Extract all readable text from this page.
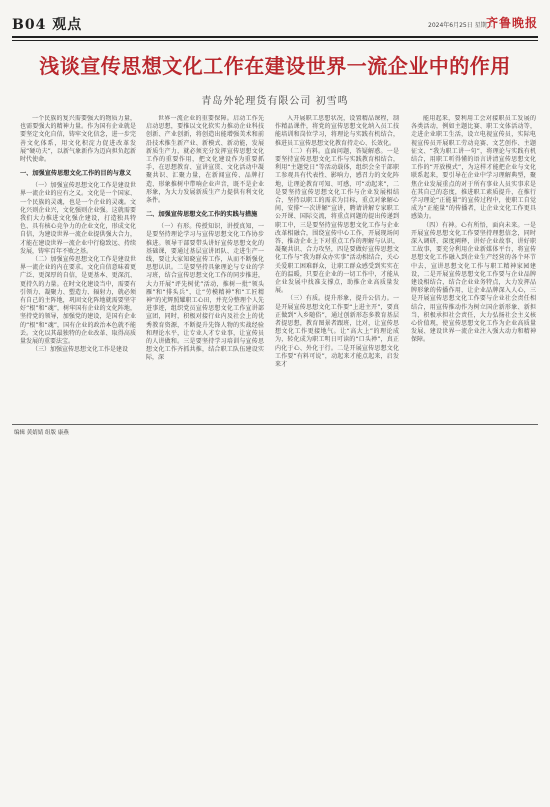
B04 观点	2024年6月25日 星期二
齐鲁晚报
浅谈宣传思想文化工作在建设世界一流企业中的作用
青岛外轮理货有限公司 初雪鸣

一个民族的复兴需要强大的物质力量，也需要强大的精神力量。作为国有企业就是要坚定文化自信，铸牢文化信念，进一步完善文化体系，用文化积淀力促进改革发展“硬功夫”，以新气象新作为迈向担负起新时代使命。

一、加强宣传思想文化工作的目的与意义

（一）加强宣传思想文化工作是建设世界一流企业的应有之义。文化是一个国家、一个民族的灵魂，也是一个企业的灵魂。文化兴则企业兴，文化强则企业强。这就需要我们大力推进文化强企建设，打造独具特色、具有核心竞争力的企业文化，形成文化自信，为建设世界一流企业提供强大合力，才能在建设世界一流企业中行稳致远、持续发展，铸牢百年不败之基。

（二）加强宣传思想文化工作是建设世界一流企业的内在要求。文化自信意味着更广泛、更深厚的自信，是更基本、更深沉、更持久的力量。在时文化建设当中，需要有引领力、凝聚力、塑造力、辐射力，就必须有自己的主阵地，巩固文化阵地就需要坚守好“根”和“魂”，树牢国有企业的文化阵地，坚持党的领导，加强党的建设，是国有企业的“根”和“魂”，国有企业的政治本色就不能丢。文化以其最独特的企业改革、取得高质量发展的重要法宝。

（三）加强宣传思想文化工作是建设

世界一流企业的重要保障。启动工作先启动思想，要推以文化软实力推动企业科技创新、产业创新，将创造出能增强美术和前沿技术推生新产业、新模式、新动能，发展新质生产力，就必须充分发挥宣传思想文化工作的重要作用，把文化建设作为重要抓手，在思想教育、宣讲宣贯、文化活动中凝聚共识、汇聚力量，在新闻宣传、品牌打造、形象推树中带响企业声音，既不是企业形象，为大力发展新质生产力提供有利文化条件。

二、加强宣传思想文化工作的实践与措施

（一）有形。传授知识，讲授真知，一是要坚持理论学习与宣传思想文化工作协步推进。领导干部要带头讲好宣传思想文化的基础课，要通过基层宣讲团队、走进生产一线，要让大家知晓宣传工作，从而不断强化思想认识。二是要坚持具象理论与专业的学习班，结合宣传思想文化工作的同步推进，大力开展“评先树优”活动，推树一批“领头雁”和“排头兵”，让“劳模精神”和“工匠精神”的光辉照耀职工心田，并充分整理个人先进事迹，组织党员宣传思想文化工作宣讲部宣团，同时，积极对接行业内及社会上的优秀教育资源，不断提升先锋人物的实战经验和理论水平，让专业人才专业事，让宣传员的人讲做和。三是要坚持学习培训与宣传思想文化工作齐抓共推，结合职工队伍建设实际，深

入开展职工思想状况，设置精品课程，制作精品课件，将党的宣传思想文化纳入员工技能培训和岗位学习，将理论与实践有机结合，推进员工宣传思想文化教育持走心、长效化。

（二）有料。直面问题，答疑解惑。一是要坚持宣传思想文化工作与实践教育相结合，利用“主题党日”等活动载体，组织会全干部职工参观具有代表性、影响力，感召力的文化阵地，让理论教育可知、可感，可“动起来”，二是要坚持宣传思想文化工作与企业发展相结合，坚持以职工的需求为目标，重点对象解心间，安排“一次讲解”宣讲，聘请讲解专家职工公开课、国际交流，将重点问题的提出传递到职工中，三是要坚持宣传思想文化工作与企业改革相融合，围绕宣传中心工作，开展现场问答，推动企业上下对重点工作的理解与认识，凝聚共识、合力攻坚，四是要做好宣传思想文化工作与“我为群众办实事”活动相结合，关心关爱职工困难群众，让职工群众感受到实实在在的温暖，只要在企业的一切工作中，才能从企业发展中找准支撑点，助推企业高质量发展。

（三）有质。提升形象，提升公信力。一是开展宣传思想文化工作要“上进主开”，要真正做到“入乡随俗”，通过创新形态多教育基层者提思想，教育图景者跟班，比对，让宣传思想文化工作更接地气。让“高大上”的理论成为，转化成为职工明日可读的“口头禅”，真正内化于心、外化于行。二是开展宣传思想文化工作要“有料可说”，动起来才能点起来，启发来才

能用起来，要利用工会对接职员工发展的各类活动，例如主题比赛、职工文体活动等，走进企业职工生活，设立电视宣传员，实际电视宣传员开展职工劳动竞赛、文艺创作、主题征文、“我为职工讲一句”，将理论与实践有机结合，用职工听得懂的语言讲清宣传思想文化工作的“开放模式”，为这样才能把企业与文化联系起来，要引导在企业中学习理解典型，聚焦企业发展重点的对于所有事业人员实事求是在其自己的态度，推进职工素质提升，在推行学习理论“正能量”的宣传过程中，使职工自觉成为“正能量”的传播者，让企业文化工作更具感染力。

（四）有神。心有所悟，面向未来。一是开展宣传思想文化工作要坚持理想信念，同时深入调研、深度阐释，讲好企业故事，讲好职工故事，要充分利用企业新媒体平台，将宣传思想文化工作融入到企业生产经营的各个环节中去，宣讲思想文化工作与职工精神家园建设，二是开展宣传思想文化工作要与企业品牌建设相结合，结合企业业务特点，大力发挥品牌形象的传播作用，让企业品牌深入人心，三是开展宣传思想文化工作要与企业社会责任相结合，用宣传推动作为树立国企新形象、新担当，积极承担社会责任，大力弘扬社会主义核心价值观，使宣传思想文化工作为企业高质量发展、建设世界一流企业注入强大动力和精神保障。

编辑 黄婧婧 组版 康燕
